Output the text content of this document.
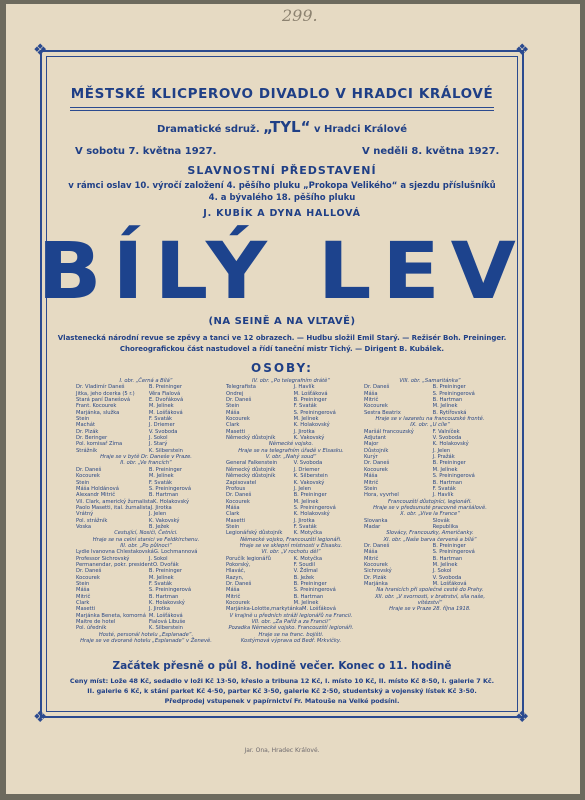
299.
❖	❖
❖	❖
MĚSTSKÉ KLICPEROVO DIVADLO V HRADCI KRÁLOVÉ
Dramatické sdruž. „TYL“ v Hradci Králové
V sobotu 7. května 1927.	V neděli 8. května 1927.
SLAVNOSTNÍ PŘEDSTAVENÍ
v rámci oslav 10. výročí založení 4. pěšího pluku „Prokopa Velikého“ a sjezdu příslušníků
4. a bývalého 18. pěšího pluku
J. KUBÍK A DYNA HALLOVÁ
BÍLÝ LEV
(NA SEINĚ A NA VLTAVĚ)
Vlastenecká národní revue se zpěvy a tanci ve 12 obrazech. — Hudbu složil Emil Starý. — Režisér Boh. Preininger.
Choreografickou část nastudovel a řídí taneční mistr Tichý. — Dirigent B. Kubálek.
OSOBY:
I. obr. „Černá a Bílá“
Dr. Vladimír Daneš	B. Preininger
Jitka, jeho dcerka (5 r.)	Věra Fialová
Stará paní Danešová	E. Dvořáková
Frant. Kocourek	M. Jelínek
Marjánka, služka	M. Lošťáková
Stein	F. Svaták
Machát	J. Driemer
Dr. Plzák	V. Svoboda
Dr. Beringer	J. Sokol
Pol. komisař Zíma	J. Starý
Strážník	K. Silberstein
Hraje se v bytě Dr. Daneše v Praze.
II. obr. „Ve francích“
Dr. Daneš	B. Preininger
Kocourek	M. Jelínek
Stein	F. Svaták
Máša Holdánová	S. Preiningerová
Alexandr Mitrič	B. Hartman
Vil. Clark, americký žurnalista K. Holakovský
Paolo Masetti, ital. žurnalista J. Jirotka
Vrátný	J. Jelen
Pol. strážník	K. Vakovský
Voska	B. Ježek
Cestující, Nosiči, Četníci.
Hraje se na celní stanici ve Feldkirchenu.
III. obr. „Po půlnoci“
Lydie Ivanovna Chlestakovská G. Lochmannová
Professor Sichrovský	J. Sokol
Permanendar, pokr. president O. Dvořák
Dr. Daneš	B. Preininger
Kocourek	M. Jelínek
Stein	F. Svaták
Máša	S. Preiningerová
Mitrič	B. Hartman
Clark	K. Holakovský
Masetti	J. Jirotka
Marjánka Beneta, komorná M. Lošťáková
Maitre de hotel	Fialová Libuše
Pol. úředník	K. Silberstein
Hosté, personál hotelu „Esplanade“.
Hraje se ve dvoraně hotelu „Esplanade“ v Ženevě.
IV. obr. „Po telegrafním drátě“
Telegrafista	J. Havlík
Ondrej	M. Lošťáková
Dr. Daneš	B. Preininger
Stein	F. Svaták
Máša	S. Preiningerová
Kocourek	M. Jelínek
Clark	K. Holakovský
Masetti	J. Jirotka
Německý důstojník	K. Vakovský
Německé vojsko.
Hraje se na telegrafním úřadě v Elsasku.
V. obr. „Nahý soud“
General Falkenstein	V. Svoboda
Německý důstojník	J. Driemer
Německý důstojník	K. Silberstein
Zapisovatel	K. Vakovský
Profous	J. Jelen
Dr. Daneš	B. Preininger
Kocourek	M. Jelínek
Máša	S. Preiningerová
Clark	K. Holakovský
Masetti	J. Jirotka
Stein	F. Svaták
Legionářský důstojník K. Motyčka
Německé vojsko, Francouzští legionáři.
Hraje se ve sklepní místnosti v Elsasku.
VI. obr. „V rochotu děl“
Poručík legionářů	K. Motyčka
Pokorský,	F. Soudil
Hlaváč,	V. Ždímal
Razyn,	B. Ježek
Dr. Daneš	B. Preininger
Máša	S. Preiningerová
Mitrič	B. Hartman
Kocourek	M. Jelínek
Marjánka-Lolotte,markytánka M. Lošťáková
V krajině u předních stráží legionářů na Francii.
VII. obr. „Za Paříž a za Francii“
Pozadka Německé vojsko. Francouzští legionáři.
Hraje se na franc. bojišti.
Kostýmová výprava od Bedř. Mrkvičky.
VIII. obr. „Samaritánka“
Dr. Daneš	B. Preininger
Máša	S. Preiningerová
Mitrič	B. Hartman
Kocourek	M. Jelínek
Sestra Beatrix	B. Rytířovská
Hraje se v lazaretu na francouzské frontě.
IX. obr. „U cíle“
Maršál francouzský	F. Valníček
Adjutant	V. Svoboda
Major	K. Holakovský
Důstojník	J. Jelen
Kurýr	J. Pražák
Dr. Daneš	B. Preininger
Kocourek	M. Jelínek
Máša	S. Preiningerová
Mitrič	B. Hartman
Stein	F. Svaták
Hora, vyvrhel	J. Havlík
Francouzští důstojníci, legionáři.
Hraje se v předsunuté pracovně maršálově.
X. obr. „Vive la France“
Slovanka	Slovák
Madar	Republika
Slovácy, Francouzky, Američanky.
XI. obr. „Naše barva červená a bílá“
Dr. Daneš	B. Preininger
Máša	S. Preiningerová
Mitrič	B. Hartman
Kocourek	M. Jelínek
Sichrovský	J. Sokol
Dr. Plzák	V. Svoboda
Marjánka	M. Lošťáková
Na hranicích při společné cestě do Prahy.
XII. obr. „V svornosti, v bratrství, síla naše, vítězství“
Hraje se v Praze 28. října 1918.
Začátek přesně o půl 8. hodině večer. Konec o 11. hodině
Ceny míst: Lože 48 Kč, sedadlo v loži Kč 13·50, křeslo a tribuna 12 Kč, I. místo 10 Kč, II. místo Kč 8·50, I. galerie 7 Kč.
II. galerie 6 Kč, k stání parket Kč 4·50, parter Kč 3·50, galerie Kč 2·50, studentský a vojenský lístek Kč 3·50.
Předprodej vstupenek v papírnictví Fr. Matouše na Velké podsíni.
Jar. Ona, Hradec Králové.
